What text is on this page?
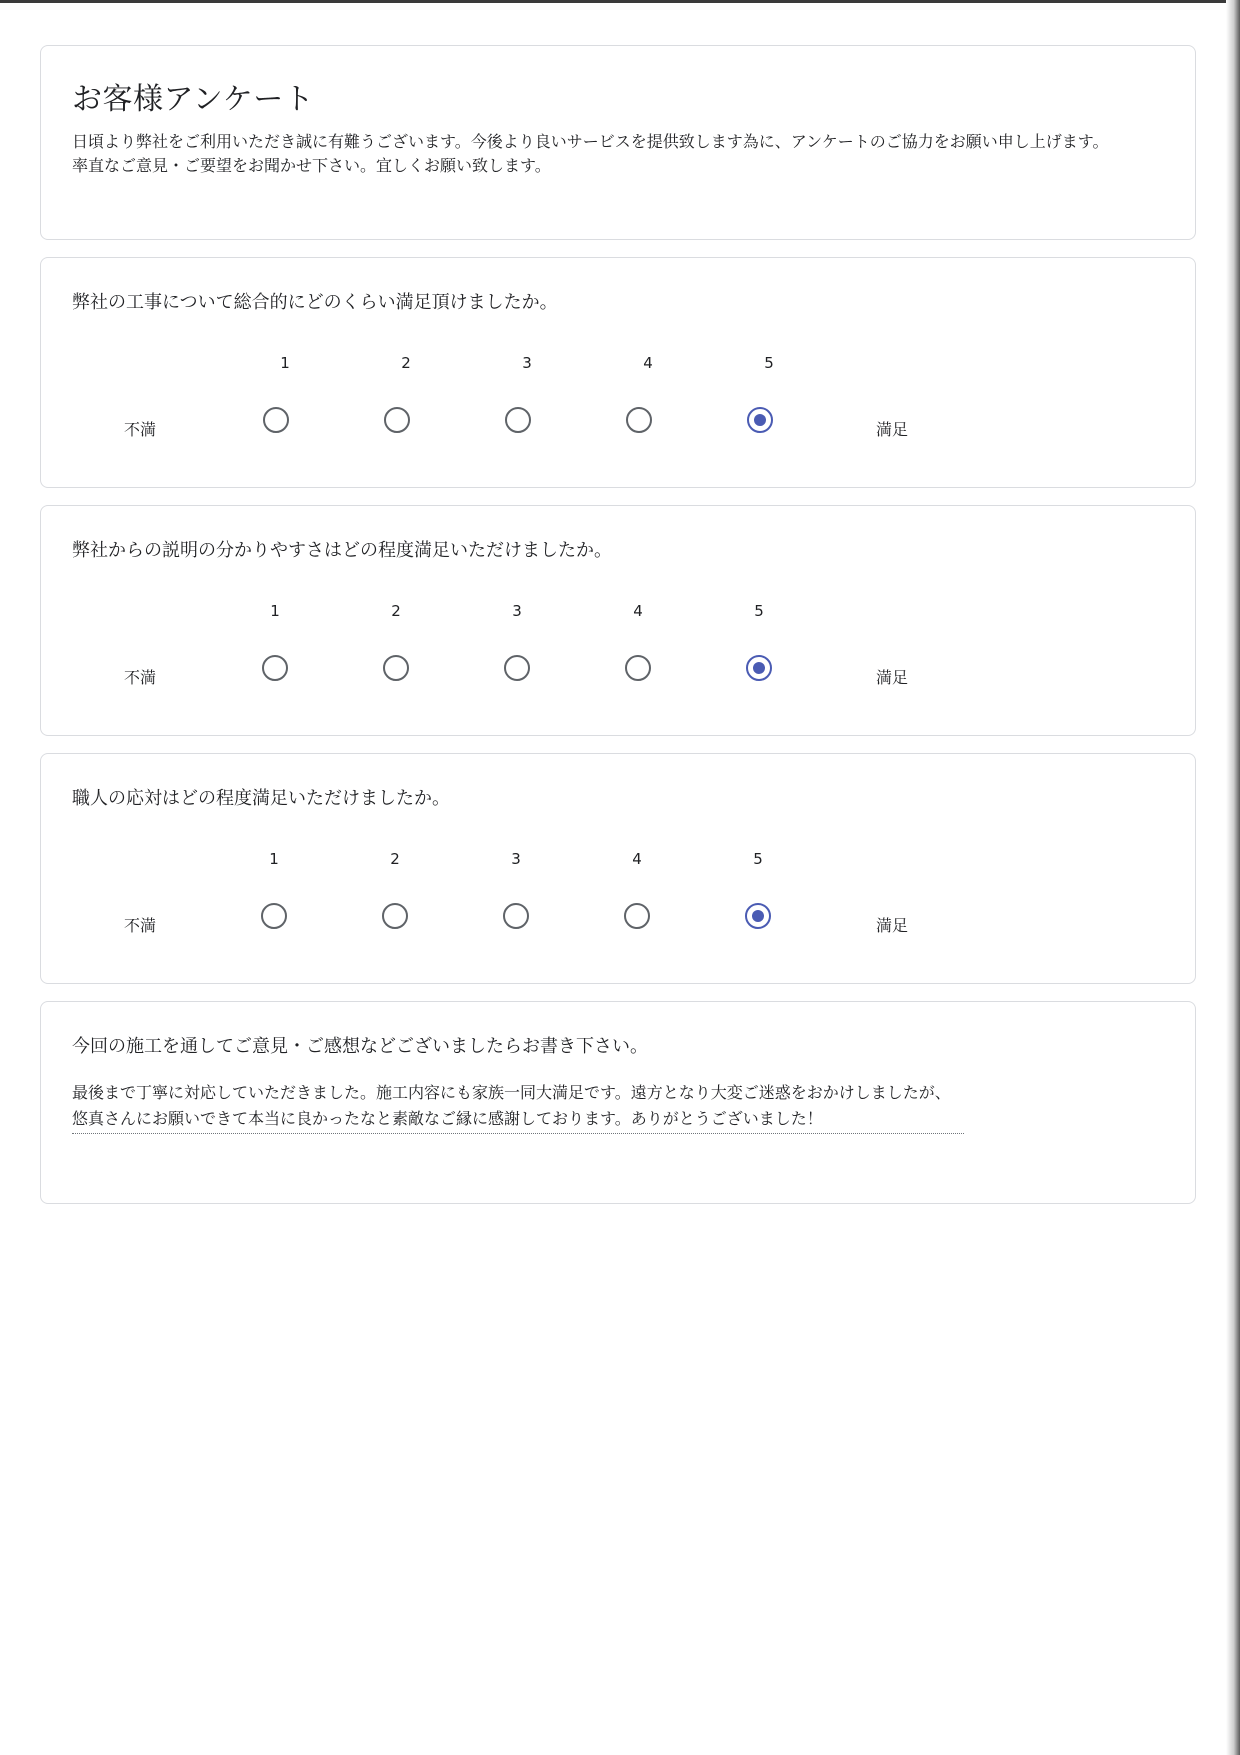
お客様アンケート
日頃より弊社をご利用いただき誠に有難うございます。今後より良いサービスを提供致します為に、アンケートのご協力をお願い申し上げます。
率直なご意見・ご要望をお聞かせ下さい。宜しくお願い致します。
弊社の工事について総合的にどのくらい満足頂けましたか。
1	2	3	4	5
不満	満足
弊社からの説明の分かりやすさはどの程度満足いただけましたか。
1	2	3	4	5
不満	満足
職人の応対はどの程度満足いただけましたか。
1	2	3	4	5
不満	満足
今回の施工を通してご意見・ご感想などございましたらお書き下さい。
最後まで丁寧に対応していただきました。施工内容にも家族一同大満足です。遠方となり大変ご迷惑をおかけしましたが、悠真さんにお願いできて本当に良かったなと素敵なご縁に感謝しております。ありがとうございました！
